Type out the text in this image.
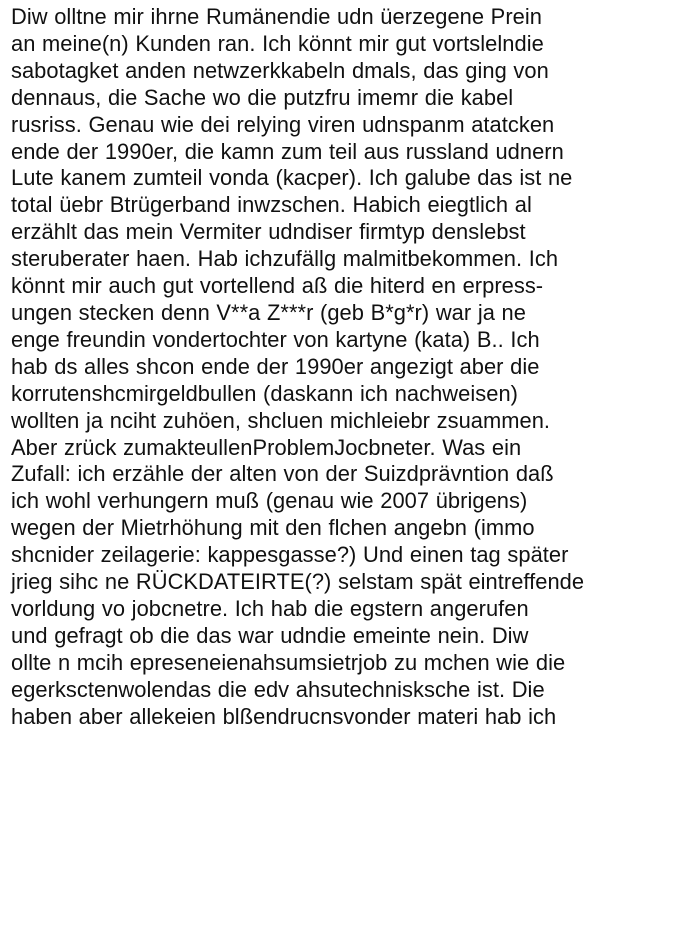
Diw olltne mir ihrne Rumänendie udn üerzegene Prein
an meine(n) Kunden ran. Ich könnt mir gut vortslelndie
sabotagket anden netwzerkkabeln dmals, das ging von
dennaus, die Sache wo die putzfru imemr die kabel
rusriss. Genau wie dei relying viren udnspanm atatcken
ende der 1990er, die kamn zum teil aus russland udnern
Lute kanem zumteil vonda (kacper). Ich galube das ist ne
total üebr Btrügerband inwzschen. Habich eiegtlich al
erzählt das mein Vermiter udndiser firmtyp denslebst
steruberater haen. Hab ichzufällg malmitbekommen. Ich
könnt mir auch gut vortellend aß die hiterd en erpress-
ungen stecken denn V**a Z***r (geb B*g*r) war ja ne
enge freundin vondertochter von kartyne (kata) B.. Ich
hab ds alles shcon ende der 1990er angezigt aber die
korrutenshcmirgeldbullen (daskann ich nachweisen)
wollten ja nciht zuhöen, shcluen michleiebr zsuammen.
Aber zrück zumakteullenProblemJocbneter. Was ein
Zufall: ich erzähle der alten von der Suizdprävntion daß
ich wohl verhungern muß (genau wie 2007 übrigens)
wegen der Mietrhöhung mit den flchen angebn (immo
shcnider zeilagerie: kappesgasse?) Und einen tag später
jrieg sihc ne RÜCKDATEIRTE(?) selstam spät eintreffende
vorldung vo jobcnetre. Ich hab die egstern angerufen
und gefragt ob die das war udndie emeinte nein. Diw
ollte n mcih epreseneienahsumsietrjob zu mchen wie die
egerksctenwolendas die edv ahsutechnisksche ist. Die
haben aber allekeien blßendrucnsvonder materi hab ich
